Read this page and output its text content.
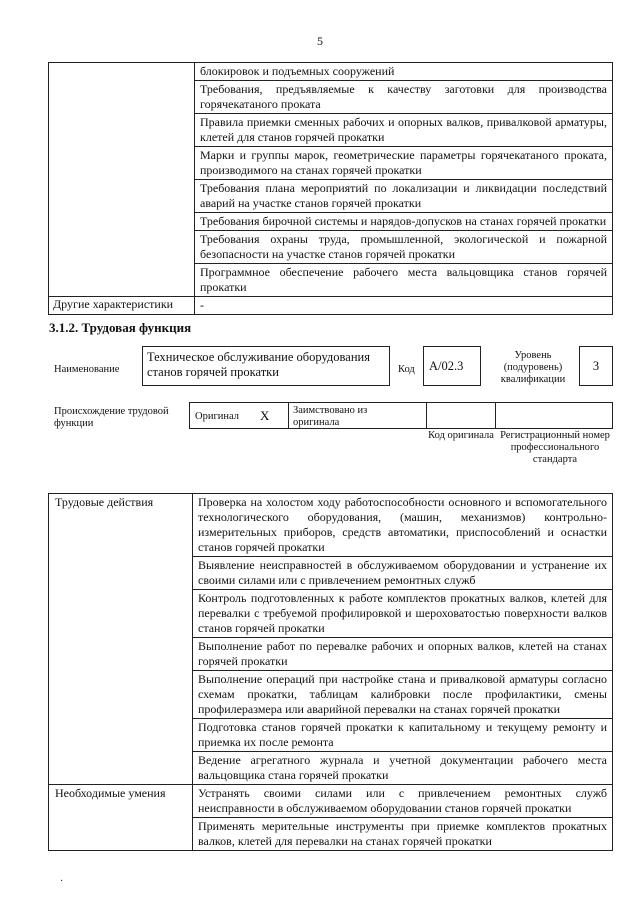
5
	блокировок и подъемных сооружений
	Требования, предъявляемые к качеству заготовки для производства горячекатаного проката
	Правила приемки сменных рабочих и опорных валков, привалковой арматуры, клетей для станов горячей прокатки
	Марки и группы марок, геометрические параметры горячекатаного проката, производимого на станах горячей прокатки
	Требования плана мероприятий по локализации и ликвидации последствий аварий на участке станов горячей прокатки
	Требования бирочной системы и нарядов-допусков на станах горячей прокатки
	Требования охраны труда, промышленной, экологической и пожарной безопасности на участке станов горячей прокатки
	Программное обеспечение рабочего места вальцовщика станов горячей прокатки
Другие характеристики	-
3.1.2. Трудовая функция
Наименование
Техническое обслуживание оборудования станов горячей прокатки	Код	А/02.3
Уровень (подуровень) квалификации
3
Происхождение трудовой функции
Оригинал X Заимствовано из оригинала
Код оригинала Регистрационный номер профессионального стандарта
Трудовые действия	Проверка на холостом ходу работоспособности основного и вспомогательного технологического оборудования, (машин, механизмов) контрольно-измерительных приборов, средств автоматики, приспособлений и оснастки станов горячей прокатки
	Выявление неисправностей в обслуживаемом оборудовании и устранение их своими силами или с привлечением ремонтных служб
	Контроль подготовленных к работе комплектов прокатных валков, клетей для перевалки с требуемой профилировкой и шероховатостью поверхности валков станов горячей прокатки
	Выполнение работ по перевалке рабочих и опорных валков, клетей на станах горячей прокатки
	Выполнение операций при настройке стана и привалковой арматуры согласно схемам прокатки, таблицам калибровки после профилактики, смены профилеразмера или аварийной перевалки на станах горячей прокатки
	Подготовка станов горячей прокатки к капитальному и текущему ремонту и приемка их после ремонта
	Ведение агрегатного журнала и учетной документации рабочего места вальцовщика стана горячей прокатки
Необходимые умения	Устранять своими силами или с привлечением ремонтных служб неисправности в обслуживаемом оборудовании станов горячей прокатки
	Применять мерительные инструменты при приемке комплектов прокатных валков, клетей для перевалки на станах горячей прокатки
·
